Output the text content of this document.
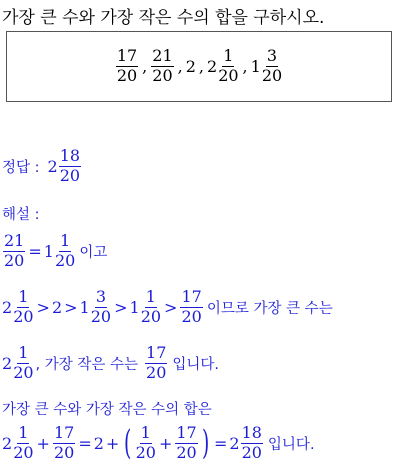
가장 큰 수와 가장 작은 수의 합을 구하시오.
$\frac{17}{20}$ , $\frac{21}{20}$ , 2 , $2 \frac{1}{20}$ , $1 \frac{3}{20}$
정답 : $2 \frac{18}{20}$
해설 :
$\frac{21}{20} = 1 \frac{1}{20}$ 이고
$2 \frac{1}{20} > 2 > 1 \frac{3}{20} > 1 \frac{1}{20} > \frac{17}{20}$ 이므로 가장 큰 수는
$2 \frac{1}{20}$ , 가장 작은 수는 $\frac{17}{20}$ 입니다.
가장 큰 수와 가장 작은 수의 합은
$2 \frac{1}{20} + \frac{17}{20} = 2$ + ( $\frac{1}{20} + \frac{17}{20}$ ) = $2 \frac{18}{20}$ 입니다.
